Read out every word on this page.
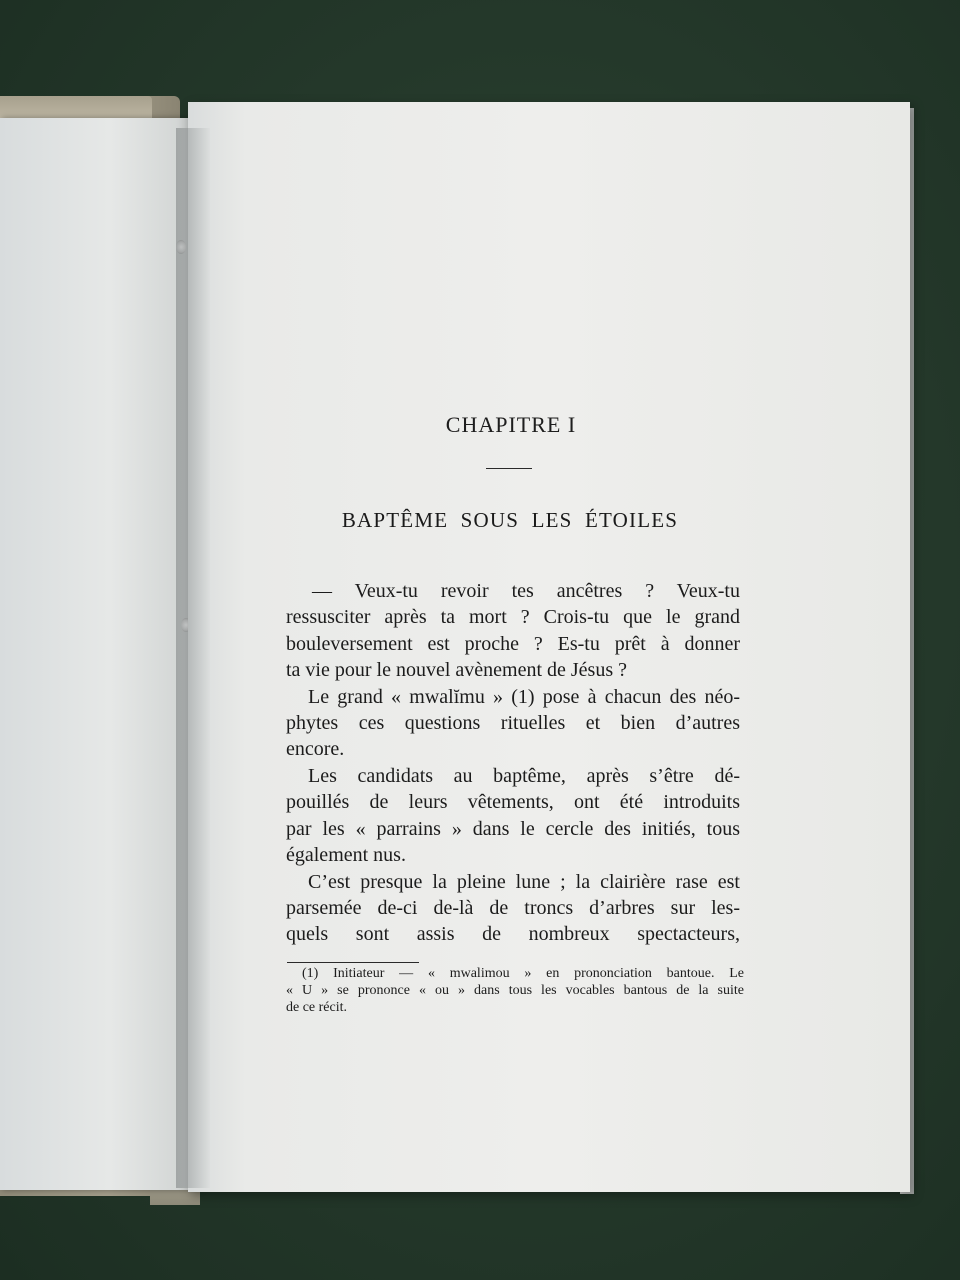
CHAPITRE I
BAPTÊME SOUS LES ÉTOILES
— Veux-tu revoir tes ancêtres ? Veux-tu
ressusciter après ta mort ? Crois-tu que le grand
bouleversement est proche ? Es-tu prêt à donner
ta vie pour le nouvel avènement de Jésus ?
Le grand « mwalĭmu » (1) pose à chacun des néo-
phytes ces questions rituelles et bien d’autres
encore.
Les candidats au baptême, après s’être dé-
pouillés de leurs vêtements, ont été introduits
par les « parrains » dans le cercle des initiés, tous
également nus.
C’est presque la pleine lune ; la clairière rase est
parsemée de-ci de-là de troncs d’arbres sur les-
quels sont assis de nombreux spectacteurs,
(1) Initiateur — « mwalimou » en prononciation bantoue. Le
« U » se prononce « ou » dans tous les vocables bantous de la suite
de ce récit.
